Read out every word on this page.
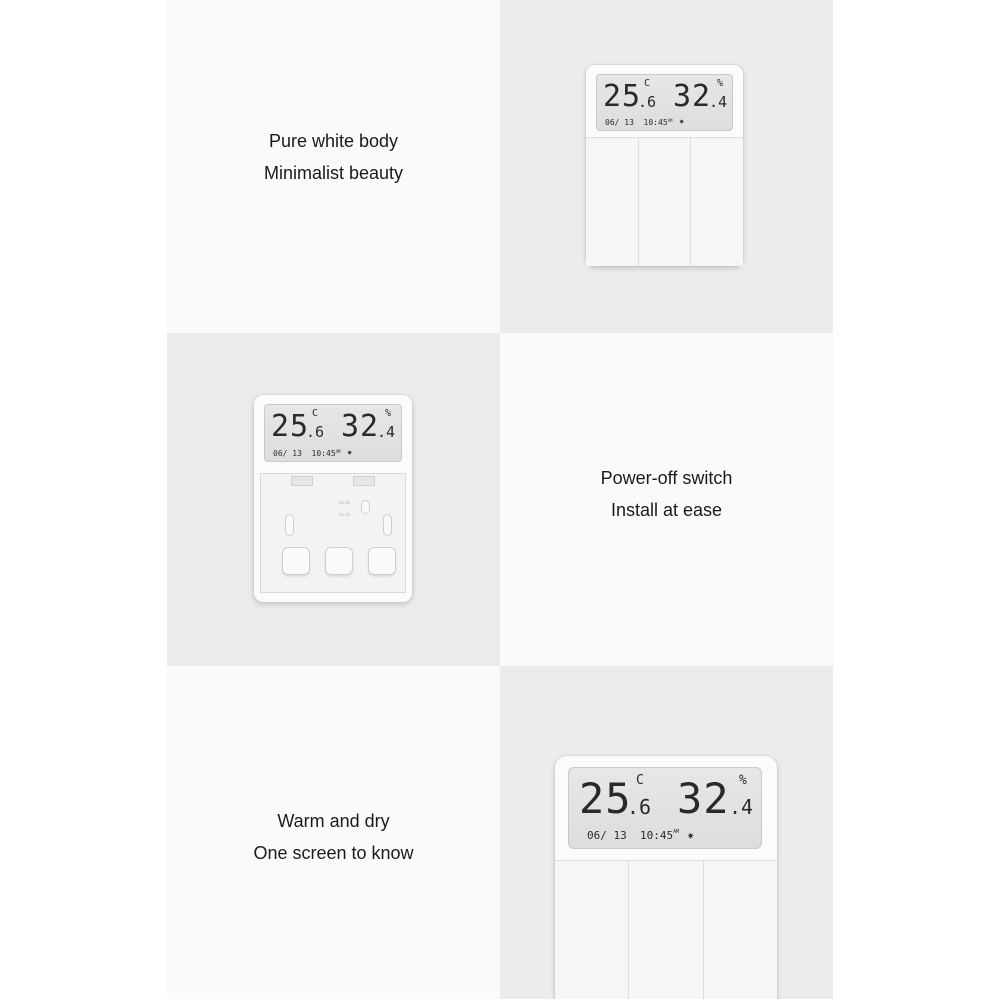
Pure white body
Minimalist beauty
25
.6
C 32
.4
%
06/ 13 $10:45^{AM}$ ✷
25
.6
C 32
.4
%
06/ 13 $10:45^{AM}$ ✷
▭ ▭
▭ ▭
Power-off switch
Install at ease
Warm and dry
One screen to know
25
.6
C 32 .4
%
06/ 13 $10:45^{AM}$ ✷
